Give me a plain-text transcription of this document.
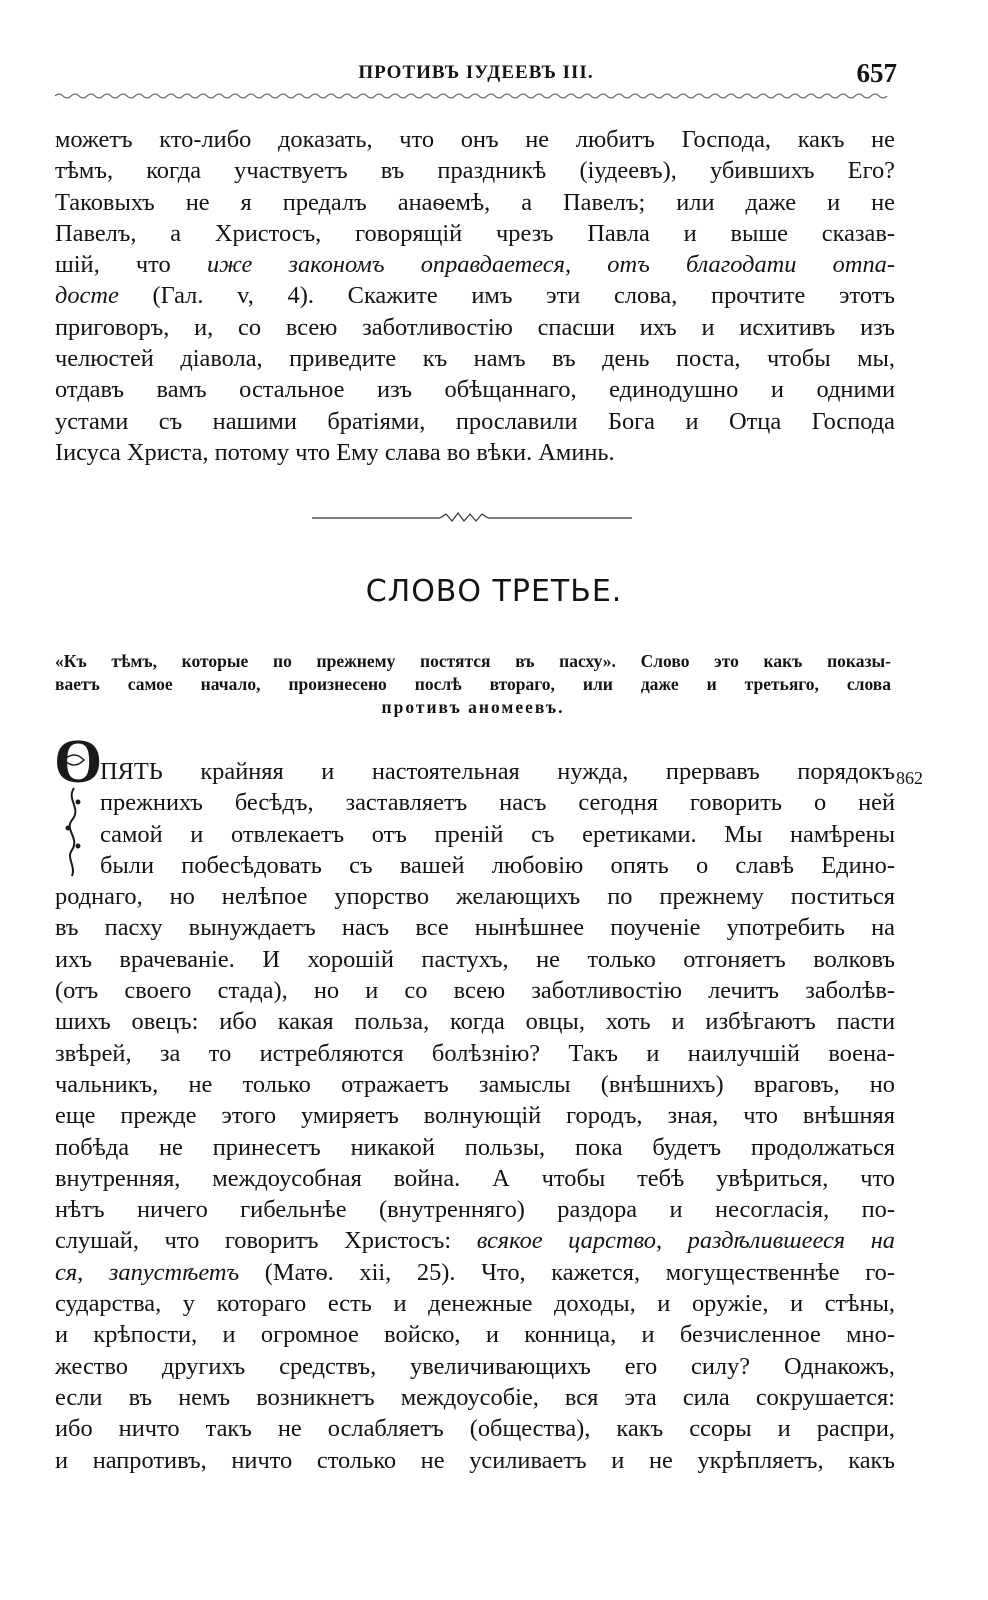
ПРОТИВЪ ІУДЕЕВЪ III.	657
можетъ кто-либо доказать, что онъ не любитъ Господа, какъ не
тѣмъ, когда участвуетъ въ праздникѣ (іудеевъ), убившихъ Его?
Таковыхъ не я предалъ анаѳемѣ, а Павелъ; или даже и не
Павелъ, а Христосъ, говорящій чрезъ Павла и выше сказав-
шій, что иже закономъ оправдаетеся, отъ благодати отпа-
досте (Гал. v, 4). Скажите имъ эти слова, прочтите этотъ
приговоръ, и, со всею заботливостію спасши ихъ и исхитивъ изъ
челюстей діавола, приведите къ намъ въ день поста, чтобы мы,
отдавъ вамъ остальное изъ обѣщаннаго, единодушно и одними
устами съ нашими братіями, прославили Бога и Отца Господа
Іисуса Христа, потому что Ему слава во вѣки. Аминь.
СЛОВО ТРЕТЬЕ.
«Къ тѣмъ, которые по прежнему постятся въ пасху». Слово это какъ показы-
ваетъ самое начало, произнесено послѣ втораго, или даже и третьяго, слова
противъ аномеевъ.
О	862
ПЯТЬ крайняя и настоятельная нужда, прервавъ порядокъ
прежнихъ бесѣдъ, заставляетъ насъ сегодня говорить о ней
самой и отвлекаетъ отъ преній съ еретиками. Мы намѣрены
были побесѣдовать съ вашей любовію опять о славѣ Едино-
роднаго, но нелѣпое упорство желающихъ по прежнему поститься
въ пасху вынуждаетъ насъ все нынѣшнее поученіе употребить на
ихъ врачеваніе. И хорошій пастухъ, не только отгоняетъ волковъ
(отъ своего стада), но и со всею заботливостію лечитъ заболѣв-
шихъ овецъ: ибо какая польза, когда овцы, хоть и избѣгаютъ пасти
звѣрей, за то истребляются болѣзнію? Такъ и наилучшій воена-
чальникъ, не только отражаетъ замыслы (внѣшнихъ) враговъ, но
еще прежде этого умиряетъ волнующій городъ, зная, что внѣшняя
побѣда не принесетъ никакой пользы, пока будетъ продолжаться
внутренняя, междоусобная война. А чтобы тебѣ увѣриться, что
нѣтъ ничего гибельнѣе (внутренняго) раздора и несогласія, по-
слушай, что говоритъ Христосъ: всякое царство, раздѣлившееся на
ся, запустѣетъ (Матѳ. xii, 25). Что, кажется, могущественнѣе го-
сударства, у котораго есть и денежные доходы, и оружіе, и стѣны,
и крѣпости, и огромное войско, и конница, и безчисленное мно-
жество другихъ средствъ, увеличивающихъ его силу? Однакожъ,
если въ немъ возникнетъ междоусобіе, вся эта сила сокрушается:
ибо ничто такъ не ослабляетъ (общества), какъ ссоры и распри,
и напротивъ, ничто столько не усиливаетъ и не укрѣпляетъ, какъ
